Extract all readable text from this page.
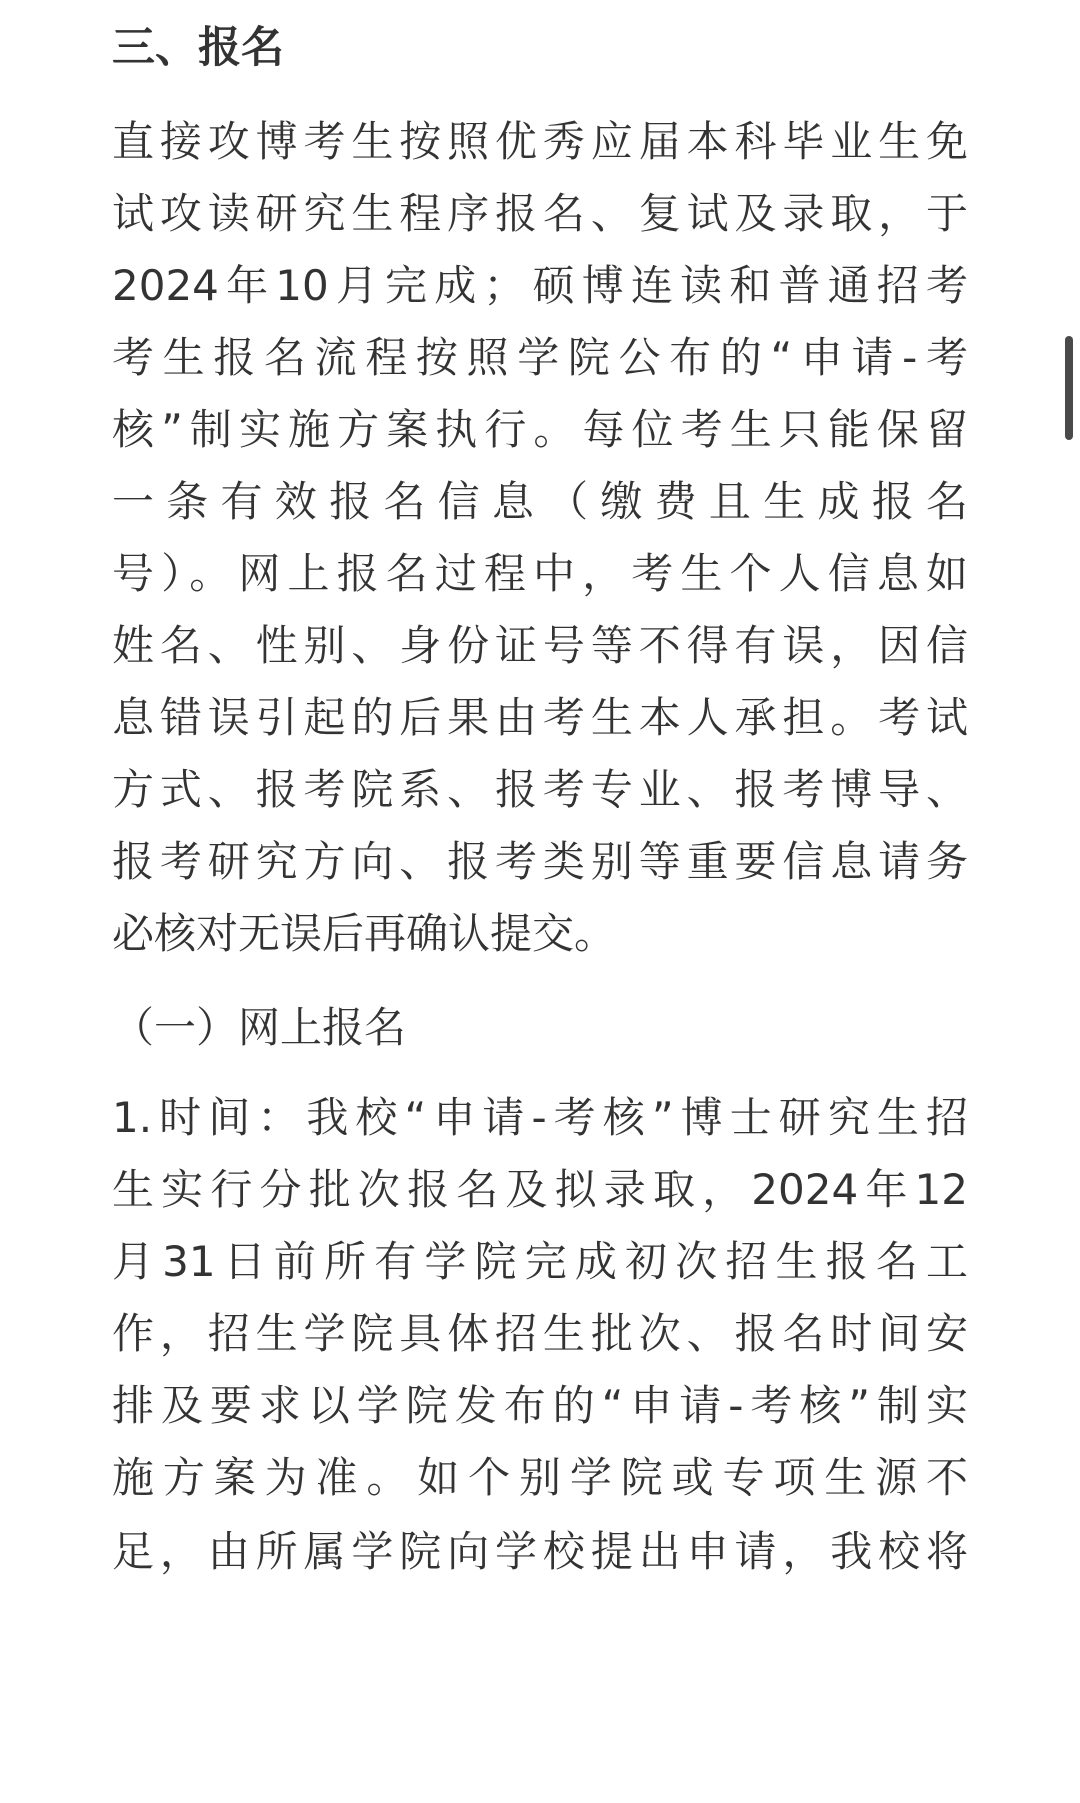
三、报名
直接攻博考生按照优秀应届本科毕业生免
试攻读研究生程序报名、复试及录取，于
2024年10月完成；硕博连读和普通招考
考生报名流程按照学院公布的“申请-考
核”制实施方案执行。每位考生只能保留
一条有效报名信息（缴费且生成报名
号）。网上报名过程中，考生个人信息如
姓名、性别、身份证号等不得有误，因信
息错误引起的后果由考生本人承担。考试
方式、报考院系、报考专业、报考博导、
报考研究方向、报考类别等重要信息请务
必核对无误后再确认提交。
（一）网上报名
1.时间：我校“申请-考核”博士研究生招
生实行分批次报名及拟录取，2024年12
月31日前所有学院完成初次招生报名工
作，招生学院具体招生批次、报名时间安
排及要求以学院发布的“申请-考核”制实
施方案为准。如个别学院或专项生源不
足，由所属学院向学校提出申请，我校将
